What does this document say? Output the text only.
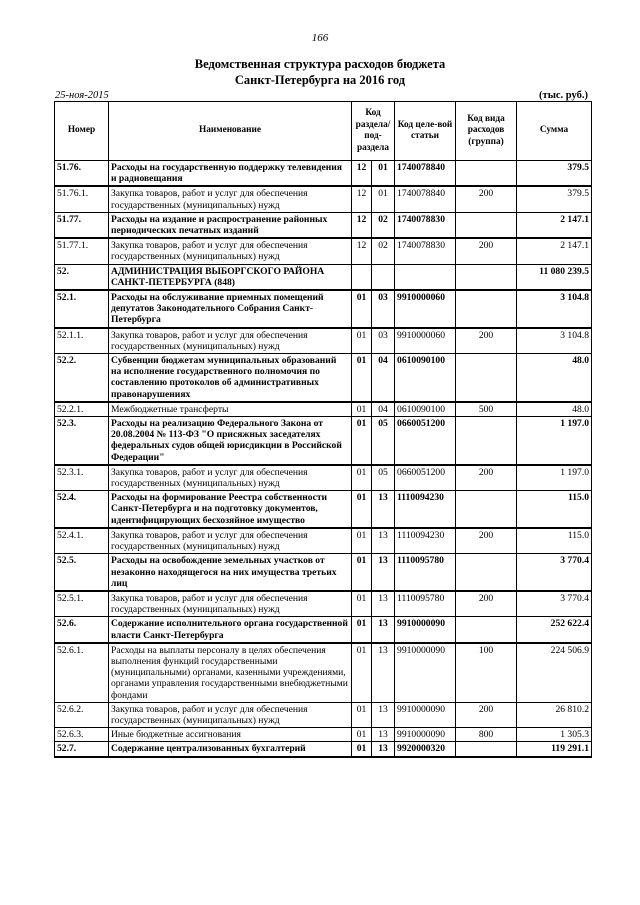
166
Ведомственная структура расходов бюджета
Санкт-Петербурга на 2016 год
25-ноя-2015	(тыс. руб.)
Номер	Наименование	Код раздела/ под-раздела		Код целе-вой статьи	Код вида расходов (группа)	Сумма
51.76.	Расходы на государственную поддержку телевидения и радиовещания	12	01	1740078840		379.5
51.76.1.	Закупка товаров, работ и услуг для обеспечения государственных (муниципальных) нужд	12	01	1740078840	200	379.5
51.77.	Расходы на издание и распространение районных периодических печатных изданий	12	02	1740078830		2 147.1
51.77.1.	Закупка товаров, работ и услуг для обеспечения государственных (муниципальных) нужд	12	02	1740078830	200	2 147.1
52.	АДМИНИСТРАЦИЯ ВЫБОРГСКОГО РАЙОНА САНКТ-ПЕТЕРБУРГА (848)					11 080 239.5
52.1.	Расходы на обслуживание приемных помещений депутатов Законодательного Собрания Санкт-Петербурга	01	03	9910000060		3 104.8
52.1.1.	Закупка товаров, работ и услуг для обеспечения государственных (муниципальных) нужд	01	03	9910000060	200	3 104.8
52.2.	Субвенции бюджетам муниципальных образований на исполнение государственного полномочия по составлению протоколов об административных правонарушениях	01	04	0610090100		48.0
52.2.1.	Межбюджетные трансферты	01	04	0610090100	500	48.0
52.3.	Расходы на реализацию Федерального Закона от 20.08.2004 № 113-ФЗ "О присяжных заседателях федеральных судов общей юрисдикции в Российской Федерации"	01	05	0660051200		1 197.0
52.3.1.	Закупка товаров, работ и услуг для обеспечения государственных (муниципальных) нужд	01	05	0660051200	200	1 197.0
52.4.	Расходы на формирование Реестра собственности Санкт-Петербурга и на подготовку документов, идентифицирующих бесхозяйное имущество	01	13	1110094230		115.0
52.4.1.	Закупка товаров, работ и услуг для обеспечения государственных (муниципальных) нужд	01	13	1110094230	200	115.0
52.5.	Расходы на освобождение земельных участков от незаконно находящегося на них имущества третьих лиц	01	13	1110095780		3 770.4
52.5.1.	Закупка товаров, работ и услуг для обеспечения государственных (муниципальных) нужд	01	13	1110095780	200	3 770.4
52.6.	Содержание исполнительного органа государственной власти Санкт-Петербурга	01	13	9910000090		252 622.4
52.6.1.	Расходы на выплаты персоналу в целях обеспечения выполнения функций государственными (муниципальными) органами, казенными учреждениями, органами управления государственными внебюджетными фондами	01	13	9910000090	100	224 506.9
52.6.2.	Закупка товаров, работ и услуг для обеспечения государственных (муниципальных) нужд	01	13	9910000090	200	26 810.2
52.6.3.	Иные бюджетные ассигнования	01	13	9910000090	800	1 305.3
52.7.	Содержание централизованных бухгалтерий	01	13	9920000320		119 291.1
